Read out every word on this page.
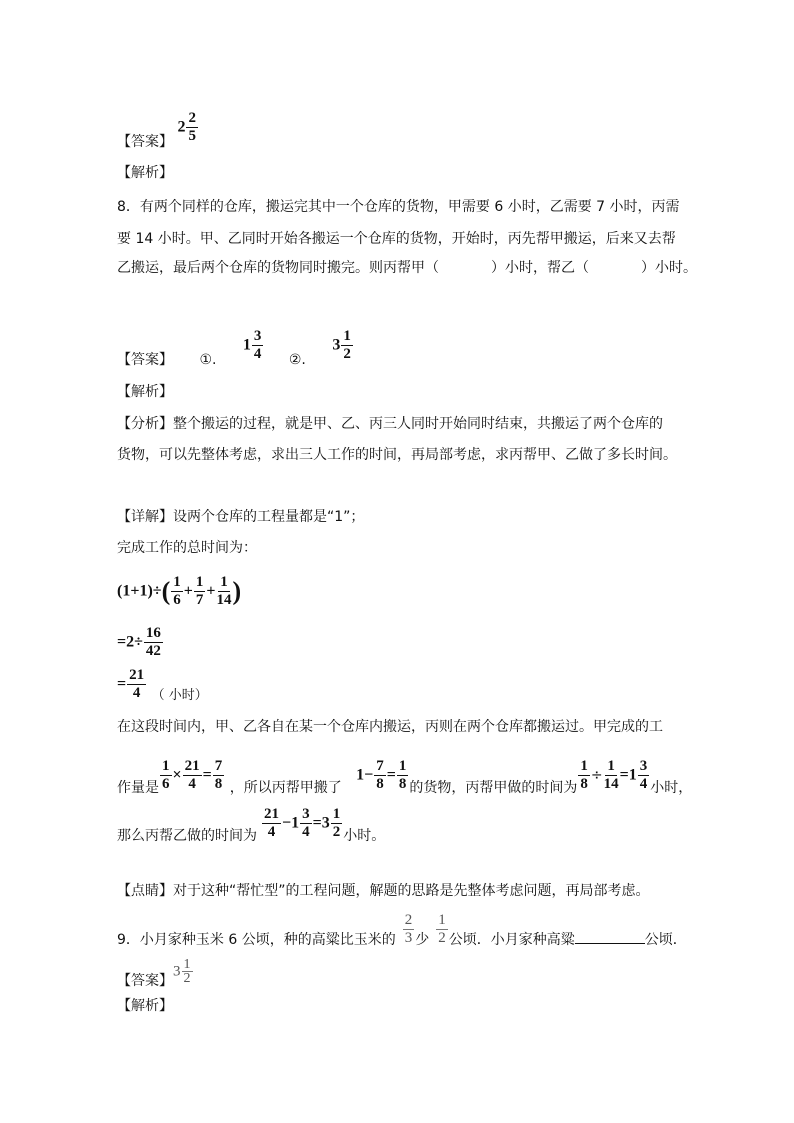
【答案】 $2 \frac{2}{5}$
【解析】
8．有两个同样的仓库，搬运完其中一个仓库的货物，甲需要 6 小时，乙需要 7 小时，丙需
要 14 小时。甲、乙同时开始各搬运一个仓库的货物，开始时，丙先帮甲搬运，后来又去帮
乙搬运，最后两个仓库的货物同时搬完。则丙帮甲（	）小时，帮乙（	）小时。
【答案】 ①. $1 \frac{3}{4}$ ②. $3 \frac{1}{2}$
【解析】
【分析】整个搬运的过程，就是甲、乙、丙三人同时开始同时结束，共搬运了两个仓库的
货物，可以先整体考虑，求出三人工作的时间，再局部考虑，求丙帮甲、乙做了多长时间。
【详解】设两个仓库的工程量都是“1”；
完成工作的总时间为：
$(1+1)\div( \frac{1}{6} + \frac{1}{7} + \frac{1}{14}$ )
$=2\div \frac{16}{42}$
= $\frac{21}{4}$ （ 小时）
在这段时间内，甲、乙各自在某一个仓库内搬运，丙则在两个仓库都搬运过。甲完成的工
作量是 $\frac{1}{6} \times \frac{21}{4} = \frac{7}{8}$ ，所以丙帮甲搬了 $1- \frac{7}{8} = \frac{1}{8}$ 的货物，丙帮甲做的时间为 $\frac{1}{8} \div \frac{1}{14} =1 \frac{3}{4}$ 小时，
那么丙帮乙做的时间为 $\frac{21}{4} -1 \frac{3}{4} =3 \frac{1}{2}$ 小时。
【点睛】对于这种“帮忙型”的工程问题，解题的思路是先整体考虑问题，再局部考虑。
9．小月家种玉米 6 公顷，种的高粱比玉米的 $\frac{2}{3}$ 少 $\frac{1}{2}$ 公顷．小月家种高粱	公顷．
【答案】$3 \frac{1}{2}$
【解析】
